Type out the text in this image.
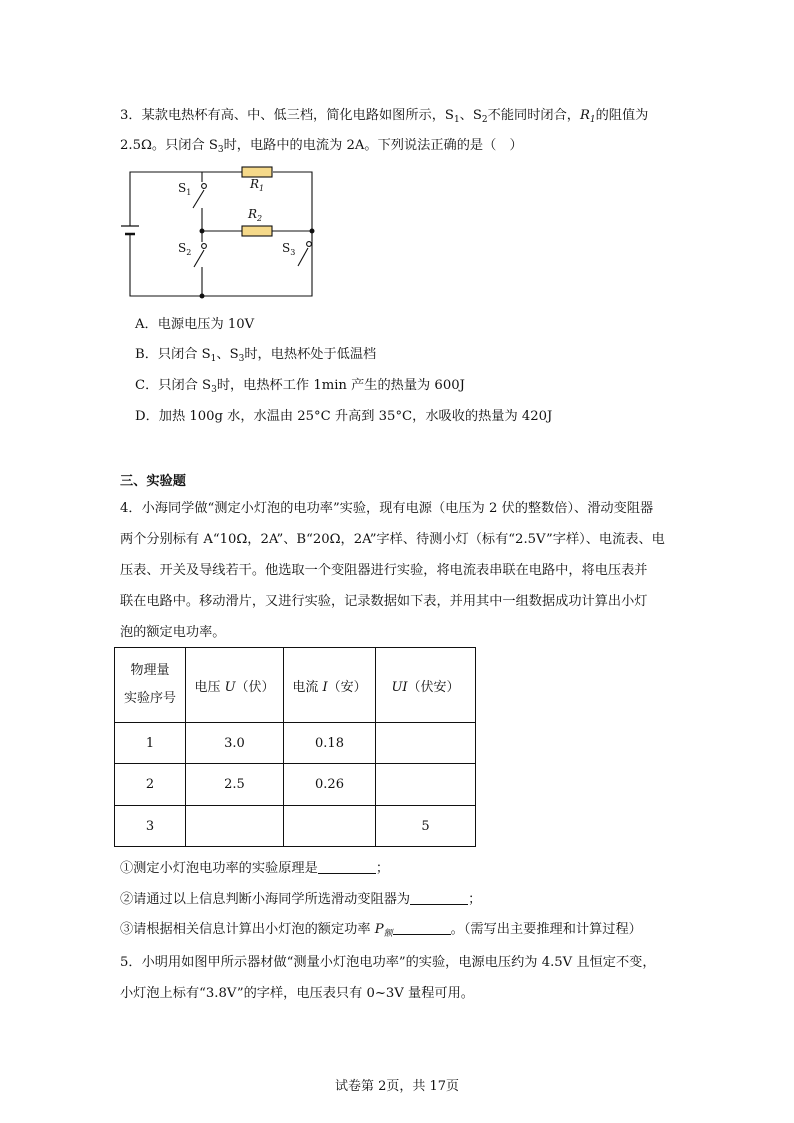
3．某款电热杯有高、中、低三档，简化电路如图所示，$S_1$、$S_2$不能同时闭合，$R_1$的阻值为
2.5Ω。只闭合 $S_3$时，电路中的电流为 2A。下列说法正确的是（　）
$S_1$
$R_1$
$R_2$
$S_2$	$S_3$
A．电源电压为 10V
B．只闭合 $S_1$、$S_3$时，电热杯处于低温档
C．只闭合 $S_3$时，电热杯工作 1min 产生的热量为 600J
D．加热 100g 水，水温由 25°C 升高到 35°C，水吸收的热量为 420J
三、实验题
4．小海同学做“测定小灯泡的电功率”实验，现有电源（电压为 2 伏的整数倍）、滑动变阻器
两个分别标有 A“10Ω，2A”、B“20Ω，2A”字样、待测小灯（标有“2.5V”字样）、电流表、电
压表、开关及导线若干。他选取一个变阻器进行实验，将电流表串联在电路中，将电压表并
联在电路中。移动滑片，又进行实验，记录数据如下表，并用其中一组数据成功计算出小灯
泡的额定电功率。
物理量
实验序号	电压 U（伏）	电流 I（安）	UI（伏安）
1	3.0	0.18	
2	2.5	0.26	
3			5
①测定小灯泡电功率的实验原理是	；
②请通过以上信息判断小海同学所选滑动变阻器为	；
③请根据相关信息计算出小灯泡的额定功率 $P_额$	。（需写出主要推理和计算过程）
5．小明用如图甲所示器材做“测量小灯泡电功率”的实验，电源电压约为 4.5V 且恒定不变，
小灯泡上标有“3.8V”的字样，电压表只有 0~3V 量程可用。
试卷第 2页，共 17页
